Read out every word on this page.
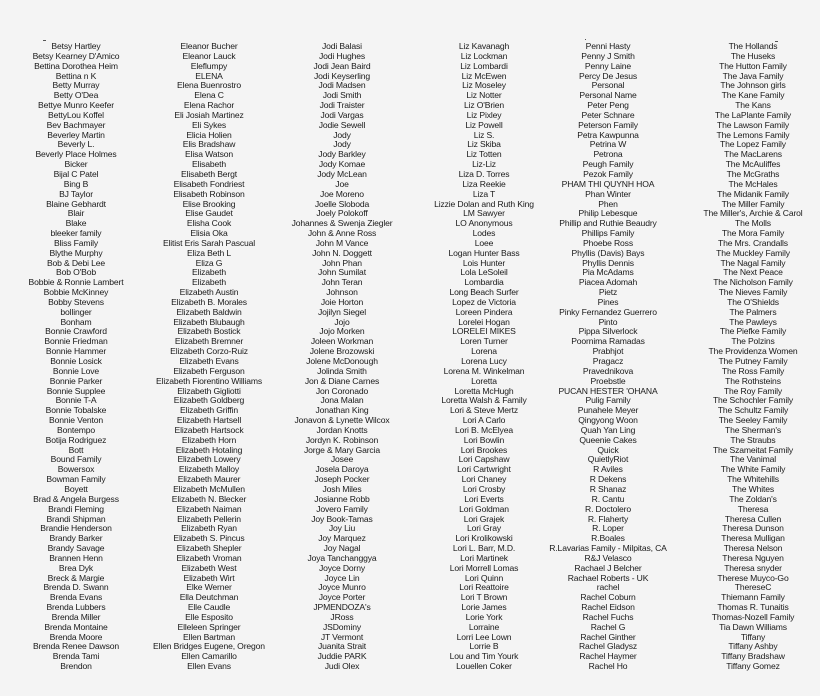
Betsy Hartley
Betsy Kearney D'Amico
Bettina Dorothea Heim
Bettina n K
Betty Murray
Betty O'Dea
Bettye Munro Keefer
BettyLou Koffel
Bev Bachmayer
Beverley Martin
Beverly L.
Beverly Place Holmes
Bicker
Bijal C Patel
Bing B
BJ Taylor
Blaine Gebhardt
Blair
Blake
bleeker family
Bliss Family
Blythe Murphy
Bob & Debi Lee
Bob O'Bob
Bobbie & Ronnie Lambert
Bobbie McKinney
Bobby Stevens
bollinger
Bonham
Bonnie Crawford
Bonnie Friedman
Bonnie Hammer
Bonnie Losick
Bonnie Love
Bonnie Parker
Bonnie Supplee
Bonnie T-A
Bonnie Tobalske
Bonnie Venton
Bontempo
Botija Rodriguez
Bott
Bound Family
Bowersox
Bowman Family
Boyett
Brad & Angela Burgess
Brandi Fleming
Brandi Shipman
Brandie Henderson
Brandy Barker
Brandy Savage
Brannen Henn
Brea Dyk
Breck & Margie
Brenda D. Swann
Brenda Evans
Brenda Lubbers
Brenda Miller
Brenda Montaine
Brenda Moore
Brenda Renee Dawson
Brenda Tami
Brendon
Eleanor Bucher
Eleanor Lauck
Eleflumpy
ELENA
Elena Buenrostro
Elena C
Elena Rachor
Eli Josiah Martinez
Eli Sykes
Elicia Holien
Elis Bradshaw
Elisa Watson
Elisabeth
Elisabeth Bergt
Elisabeth Fondriest
Elisabeth Robinson
Elise Brooking
Elise Gaudet
Elisha Cook
Elisia Oka
Elitist Eris Sarah Pascual
Eliza Beth L
Eliza G
Elizabeth
Elizabeth
Elizabeth Austin
Elizabeth B. Morales
Elizabeth Baldwin
Elizabeth Blubaugh
Elizabeth Bostick
Elizabeth Bremner
Elizabeth Corzo-Ruiz
Elizabeth Evans
Elizabeth Ferguson
Elizabeth Fiorentino Williams
Elizabeth Gigliotti
Elizabeth Goldberg
Elizabeth Griffin
Elizabeth Hartsell
Elizabeth Hartsock
Elizabeth Horn
Elizabeth Hotaling
Elizabeth Lowery
Elizabeth Malloy
Elizabeth Maurer
Elizabeth McMullen
Elizabeth N. Blecker
Elizabeth Naiman
Elizabeth Pellerin
Elizabeth Ryan
Elizabeth S. Pincus
Elizabeth Shepler
Elizabeth Vroman
Elizabeth West
Elizabeth Wirt
Elke Werner
Ella Deutchman
Elle Caudle
Elle Esposito
Elleleen Springer
Ellen Bartman
Ellen Bridges Eugene, Oregon
Ellen Camarillo
Ellen Evans
Jodi Balasi
Jodi Hughes
Jodi Jean Baird
Jodi Keyserling
Jodi Madsen
Jodi Smith
Jodi Traister
Jodi Vargas
Jodie Sewell
Jody
Jody
Jody Barkley
Jody Komae
Jody McLean
Joe
Joe Moreno
Joelle Sloboda
Joely Polokoff
Johannes & Swenja Ziegler
John & Anne Ross
John M Vance
John N. Doggett
John Phan
John Sumilat
John Teran
Johnson
Joie Horton
Jojilyn Siegel
Jojo
Jojo Morken
Joleen Workman
Jolene Brozowski
Jolene McDonough
Jolinda Smith
Jon & Diane Carnes
Jon Coronado
Jona Malan
Jonathan King
Jonavon & Lynette Wilcox
Jordan Knotts
Jordyn K. Robinson
Jorge & Mary Garcia
Josee
Josela Daroya
Joseph Pocker
Josh Miles
Josianne Robb
Jovero Family
Joy Book-Tamas
Joy Liu
Joy Marquez
Joy Nagal
Joya Tanchanggya
Joyce Dorny
Joyce Lin
Joyce Munro
Joyce Porter
JPMENDOZA's
JRoss
JSDominy
JT Vermont
Juanita Strait
Juddie PARK
Judi Olex
Liz Kavanagh
Liz Lockman
Liz Lombardi
Liz McEwen
Liz Moseley
Liz Notter
Liz O'Brien
Liz Pixley
Liz Powell
Liz S.
Liz Skiba
Liz Totten
Liz-Liz
Liza D. Torres
Liza Reekie
Liza T
Lizzie Dolan and Ruth King
LM Sawyer
LO Anonymous
Lodes
Loee
Logan Hunter Bass
Lois Hunter
Lola LeSoleil
Lombardia
Long Beach Surfer
Lopez de Victoria
Loreen Pindera
Lorelei Hogan
LORELEI MIKES
Loren Turner
Lorena
Lorena Lucy
Lorena M. Winkelman
Loretta
Loretta McHugh
Loretta Walsh & Family
Lori & Steve Mertz
Lori A Carlo
Lori B. McElyea
Lori Bowlin
Lori Brookes
Lori Capshaw
Lori Cartwright
Lori Chaney
Lori Crosby
Lori Everts
Lori Goldman
Lori Grajek
Lori Gray
Lori Krolikowski
Lori L. Barr, M.D.
Lori Martinek
Lori Morrell Lomas
Lori Quinn
Lori Reattoire
Lori T Brown
Lorie James
Lorie York
Lorraine
Lorri Lee Lown
Lorrie B
Lou and Tim Yourk
Louellen Coker
Penni Hasty
Penny J Smith
Penny Laine
Percy De Jesus
Personal
Personal Name
Peter Peng
Peter Schnare
Peterson Family
Petra Kawpunna
Petrina W
Petrona
Peugh Family
Pezok Family
PHAM THI QUYNH HOA
Phan Winter
Phen
Philip Lebesque
Phillip and Ruthie Beaudry
Phillips Family
Phoebe Ross
Phyllis (Davis) Bays
Phyllis Dennis
Pia McAdams
Piacea Adomah
Pietz
Pines
Pinky Fernandez Guerrero
Pinto
Pippa Silverlock
Poornima Ramadas
Prabhjot
Pragacz
Pravednikova
Proebstle
PUCAN HESTER 'OHANA
Pulig Family
Punahele Meyer
Qingyong Woon
Quah Yan Ling
Queenie Cakes
Quick
QuietlyRiot
R Aviles
R Dekens
R Shanaz
R. Cantu
R. Doctolero
R. Flaherty
R. Loper
R.Boales
R.Lavarias Family - Milpitas, CA
R&J Velasco
Rachael J Belcher
Rachael Roberts - UK
rachel
Rachel Coburn
Rachel Eidson
Rachel Fuchs
Rachel G
Rachel Ginther
Rachel Gladysz
Rachel Haymer
Rachel Ho
The Hollands
The Huseks
The Hutton Family
The Java Family
The Johnson girls
The Kane Family
The Kans
The LaPlante Family
The Lawson Family
The Lemons Family
The Lopez Family
The MacLarens
The McAuliffes
The McGraths
The McHales
The Midanik Family
The Miller Family
The Miller's, Archie & Carol
The Molls
The Mora Family
The Mrs. Crandalls
The Muckley Family
The Nagal Family
The Next Peace
The Nicholson Family
The Nieves Family
The O'Shields
The Palmers
The Pawleys
The Piefke Family
The Polzins
The Providenza Women
The Putney Family
The Ross Family
The Rothsteins
The Roy Family
The Schochler Family
The Schultz Family
The Seeley Family
The Sherman's
The Straubs
The Szameitat Family
The Vanimal
The White Family
The Whitehills
The Whites
The Zoldan's
Theresa
Theresa Cullen
Theresa Dunson
Theresa Mulligan
Theresa Nelson
Theresa Nguyen
Theresa snyder
Therese Muyco-Go
ThereseC
Thiemann Family
Thomas R. Tunaitis
Thomas-Nozell Family
Tia Dawn Williams
Tiffany
Tiffany Ashby
Tiffany Bradshaw
Tiffany Gomez
